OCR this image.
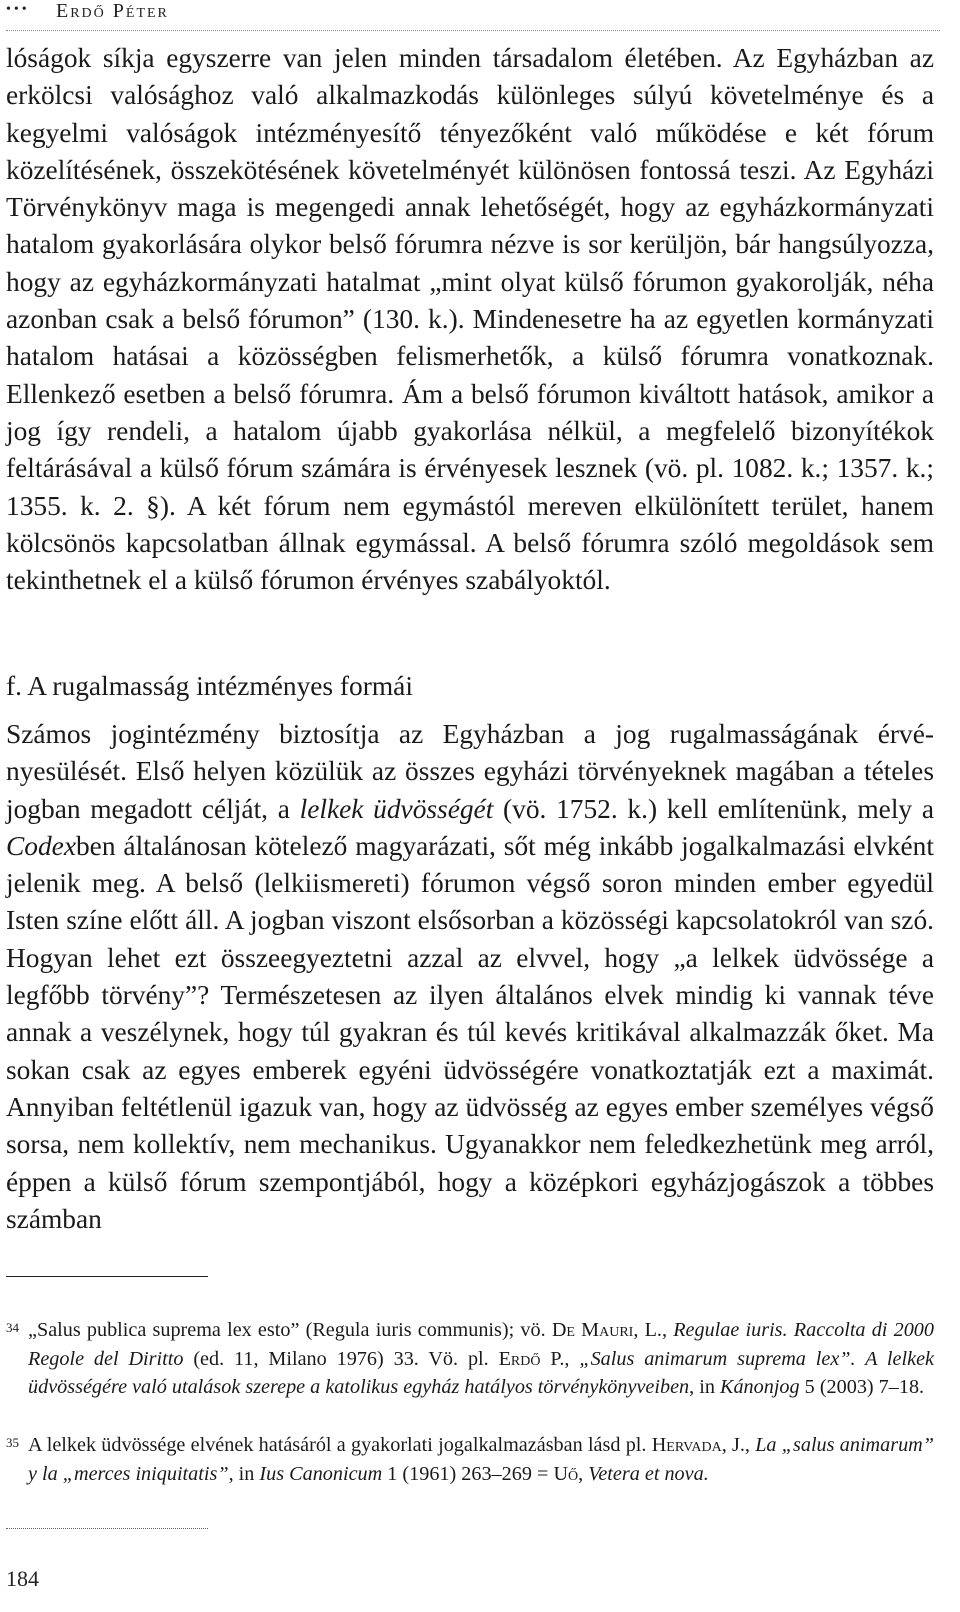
••• Erdő Péter

lóságok síkja egyszerre van jelen minden társadalom életében. Az Egyházban az erkölcsi valósághoz való alkalmazkodás különleges súlyú követelménye és a kegyelmi valóságok intézményesítő tényezőként való működése e két fórum közelítésének, összekötésének követelményét különösen fontossá teszi. Az Egyházi Törvénykönyv maga is megengedi annak lehetőségét, hogy az egyházkormányzati hatalom gyakorlására olykor belső fórumra nézve is sor kerüljön, bár hangsúlyozza, hogy az egyházkormányzati hatalmat „mint olyat külső fórumon gyakorolják, néha azonban csak a belső fórumon” (130. k.). Mindenesetre ha az egyetlen kormányzati hatalom hatásai a közösségben felismerhetők, a külső fórumra vonatkoznak. Ellenkező esetben a belső fórumra. Ám a belső fórumon kiváltott hatások, amikor a jog így rendeli, a hatalom újabb gyakorlása nélkül, a megfelelő bizonyítékok feltárásával a külső fórum számára is érvényesek lesznek (vö. pl. 1082. k.; 1357. k.; 1355. k. 2. §). A két fórum nem egymástól mereven elkülönített terület, hanem kölcsönös kapcsolatban állnak egymással. A belső fórumra szóló megoldások sem tekinthetnek el a külső fórumon érvényes szabályoktól.

f. A rugalmasság intézményes formái

Számos jogintézmény biztosítja az Egyházban a jog rugalmasságának érvényesülését. Első helyen közülük az összes egyházi törvényeknek magában a tételes jogban megadott célját, a lelkek üdvösségét (vö. 1752. k.) kell említenünk, mely a Codexben általánosan kötelező magyarázati, sőt még inkább jogalkalmazási elvként jelenik meg. A belső (lelkiismereti) fórumon végső soron minden ember egyedül Isten színe előtt áll. A jogban viszont elsősorban a közösségi kapcsolatokról van szó. Hogyan lehet ezt összeegyeztetni azzal az elvvel, hogy „a lelkek üdvössége a legfőbb törvény”? Természetesen az ilyen általános elvek mindig ki vannak téve annak a veszélynek, hogy túl gyakran és túl kevés kritikával alkalmazzák őket. Ma sokan csak az egyes emberek egyéni üdvösségére vonatkoztatják ezt a maximát. Annyiban feltétlenül igazuk van, hogy az üdvösség az egyes ember személyes végső sorsa, nem kollektív, nem mechanikus. Ugyanakkor nem feledkezhetünk meg arról, éppen a külső fórum szempontjából, hogy a középkori egyházjogászok a többes számban

34 „Salus publica suprema lex esto” (Regula iuris communis); vö. De Mauri, L., Regulae iuris. Raccolta di 2000 Regole del Diritto (ed. 11, Milano 1976) 33. Vö. pl. Erdő P., „Salus animarum suprema lex”. A lelkek üdvösségére való utalások szerepe a katolikus egyház hatályos törvénykönyveiben, in Kánonjog 5 (2003) 7–18.
35 A lelkek üdvössége elvének hatásáról a gyakorlati jogalkalmazásban lásd pl. Hervada, J., La „salus animarum” y la „merces iniquitatis”, in Ius Canonicum 1 (1961) 263–269 = Uő, Vetera et nova.
184
